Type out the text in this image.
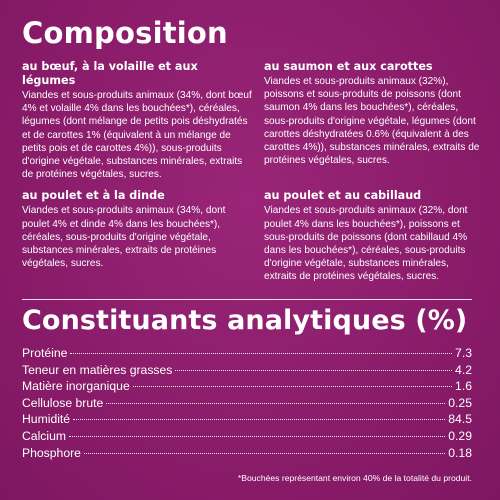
Composition
au bœuf, à la volaille et aux légumes

Viandes et sous-produits animaux (34%, dont bœuf 4% et volaille 4% dans les bouchées*), céréales, légumes (dont mélange de petits pois déshydratés et de carottes 1% (équivalent à un mélange de petits pois et de carottes 4%)), sous-produits d'origine végétale, substances minérales, extraits de protéines végétales, sucres.

au saumon et aux carottes

Viandes et sous-produits animaux (32%), poissons et sous-produits de poissons (dont saumon 4% dans les bouchées*), céréales, sous-produits d'origine végétale, légumes (dont carottes déshydratées 0.6% (équivalent à des carottes 4%)), substances minérales, extraits de protéines végétales, sucres.

au poulet et à la dinde

Viandes et sous-produits animaux (34%, dont poulet 4% et dinde 4% dans les bouchées*), céréales, sous-produits d'origine végétale, substances minérales, extraits de protéines végétales, sucres.

au poulet et au cabillaud

Viandes et sous-produits animaux (32%, dont poulet 4% dans les bouchées*), poissons et sous-produits de poissons (dont cabillaud 4% dans les bouchées*), céréales, sous-produits d'origine végétale, substances minérales, extraits de protéines végétales, sucres.

Constituants analytiques (%)
Protéine	7.3
Teneur en matières grasses	4.2
Matière inorganique	1.6
Cellulose brute	0.25
Humidité	84.5
Calcium	0.29
Phosphore	0.18
*Bouchées représentant environ 40% de la totalité du produit.
